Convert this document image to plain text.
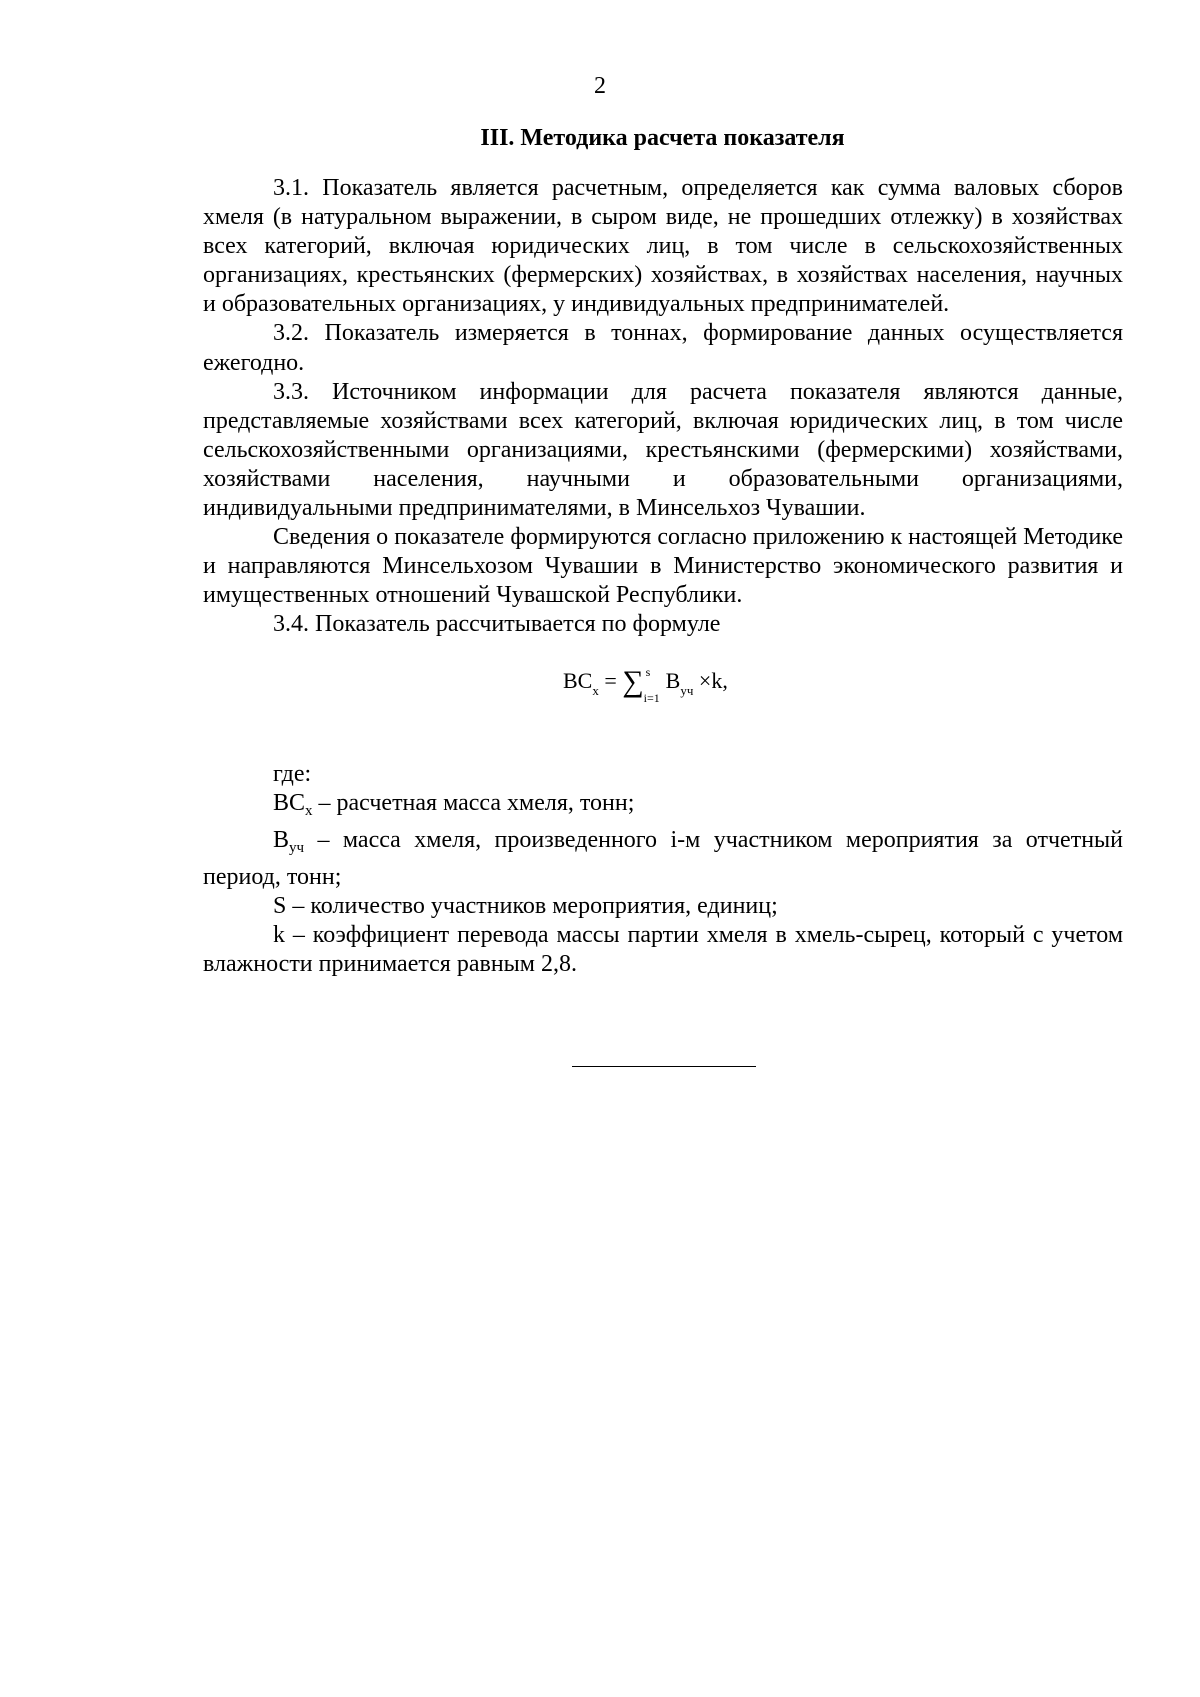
2
III. Методика расчета показателя

3.1. Показатель является расчетным, определяется как сумма валовых сборов хмеля (в натуральном выражении, в сыром виде, не прошедших отлежку) в хозяйствах всех категорий, включая юридических лиц, в том числе в сельскохозяйственных организациях, крестьянских (фермерских) хозяйствах, в хозяйствах населения, научных и образовательных организациях, у индивидуальных предпринимателей.

3.2. Показатель измеряется в тоннах, формирование данных осуществляется ежегодно.

3.3. Источником информации для расчета показателя являются данные, представляемые хозяйствами всех категорий, включая юридических лиц, в том числе сельскохозяйственными организациями, крестьянскими (фермерскими) хозяйствами, хозяйствами населения, научными и образовательными организациями, индивидуальными предпринимателями, в Минсельхоз Чувашии.

Сведения о показателе формируются согласно приложению к настоящей Методике и направляются Минсельхозом Чувашии в Министерство экономического развития и имущественных отношений Чувашской Республики.

3.4. Показатель рассчитывается по формуле

$BC_х$ = ∑ s
i=1
$B_{уч} \times k$,

где:

$BC_x$ – расчетная масса хмеля, тонн;

$B_{уч}$ – масса хмеля, произведенного i-м участником мероприятия за отчетный период, тонн;

S – количество участников мероприятия, единиц;

k – коэффициент перевода массы партии хмеля в хмель-сырец, который с учетом влажности принимается равным 2,8.
